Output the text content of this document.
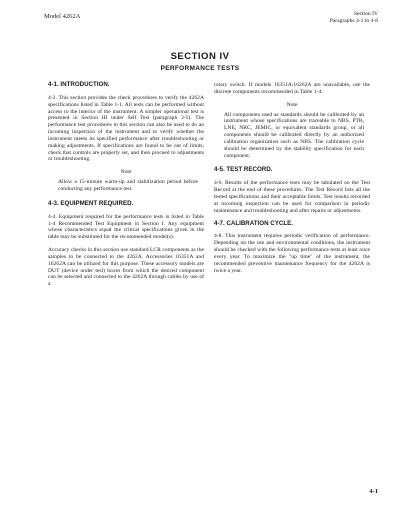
Model 4262A	Section IV
Paragraphs 4-1 to 4-8
SECTION IV
PERFORMANCE TESTS
4-1. INTRODUCTION.
4-2. This section provides the check procedures to verify the 4262A specifications listed in Table 1-1. All tests can be performed without access to the interior of the instrument. A simpler operational test is presented in Section III under Self Test (paragraph 3-5). The performance test procedures in this section can also be used to do an incoming inspection of the instrument and to verify whether the instrument meets its specified performance after troubleshooting or making adjustments. If specifications are found to be out of limits, check that controls are properly set, and then proceed to adjustments or troubleshooting.
Note
Allow a 15-minute warm-up and stabilization period before conducting any performance test.
4-3. EQUIPMENT REQUIRED.
4-4. Equipment required for the performance tests is listed in Table 1-4 Recommended Test Equipment in Section I. Any equipment whose characteristics equal the critical specifications given in the table may be substituted for the recommended model(s).
Accuracy checks in this section use standard LCR components as the samples to be connected to the 4262A. Accessories 16351A and 16262A can be utilized for this purpose. These accessory models are DUT (device under test) boxes from which the desired component can be selected and connected to the 4262A through cables by use of a
rotary switch. If models 16351A/16262A are unavailable, use the discrete components recommended in Table 1-4.
Note
All components used as standards should be calibrated by an instrument whose specifications are traceable to NBS, PTB, LNE, NRC, JEMIC, or equivalent standards group, or all components should be calibrated directly by an authorized calibration organization such as NBS. The calibration cycle should be determined by the stability specification for each component.
4-5. TEST RECORD.
4-6. Results of the performance tests may be tabulated on the Test Record at the end of these procedures. The Test Record lists all the tested specifications and their acceptable limits. Test results recorded at incoming inspection can be used for comparison in periodic maintenance and troubleshooting and after repairs or adjustments.
4-7. CALIBRATION CYCLE.
4-8. This instrument requires periodic verification of performance. Depending on the use and environmental conditions, the instrument should be checked with the following performance tests at least once every year. To maximize the "up time" of the instrument, the recommended preventive maintenance frequency for the 4262A is twice a year.
4-1
